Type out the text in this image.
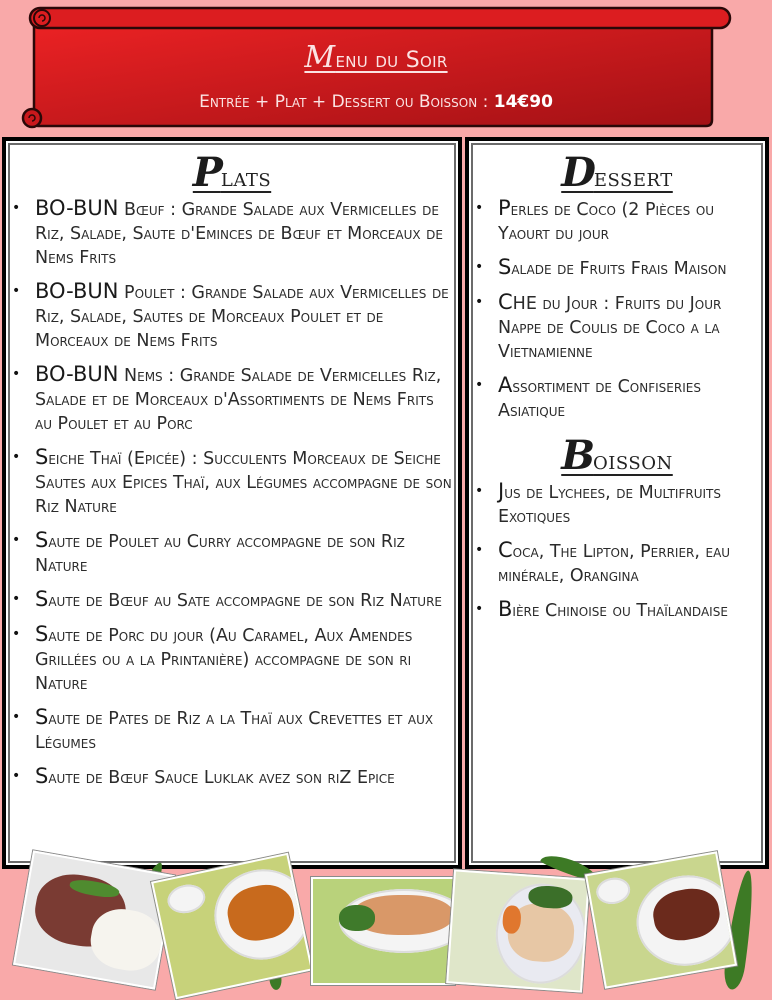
Menu du Soir
Entrée + Plat + Dessert ou Boisson : 14€90
Plats
• BO-BUN Bœuf : Grande Salade aux Vermicelles de Riz, Salade, Saute d'Eminces de Bœuf et Morceaux de Nems Frits
• BO-BUN Poulet : Grande Salade aux Vermicelles de Riz, Salade, Sautes de Morceaux Poulet et de Morceaux de Nems Frits
• BO-BUN Nems : Grande Salade de Vermicelles Riz, Salade et de Morceaux d'Assortiments de Nems Frits au Poulet et au Porc
• Seiche Thaï (Epicée) : Succulents Morceaux de Seiche Sautes aux Epices Thaï, aux Légumes accompagne de son Riz Nature
• Saute de Poulet au Curry accompagne de son Riz Nature
• Saute de Bœuf au Sate accompagne de son Riz Nature
• Saute de Porc du jour (Au Caramel, Aux Amendes Grillées ou a la Printanière) accompagne de son ri Nature
• Saute de Pates de Riz a la Thaï aux Crevettes et aux Légumes
• Saute de Bœuf Sauce Luklak avez son riZ Epice
Dessert
• Perles de Coco (2 Pièces ou Yaourt du jour
• Salade de Fruits Frais Maison
• CHE du Jour : Fruits du Jour Nappe de Coulis de Coco a la Vietnamienne
• Assortiment de Confiseries Asiatique
Boisson
• Jus de Lychees, de Multifruits Exotiques
• Coca, The Lipton, Perrier, eau minérale, Orangina
• Bière Chinoise ou Thaïlandaise
